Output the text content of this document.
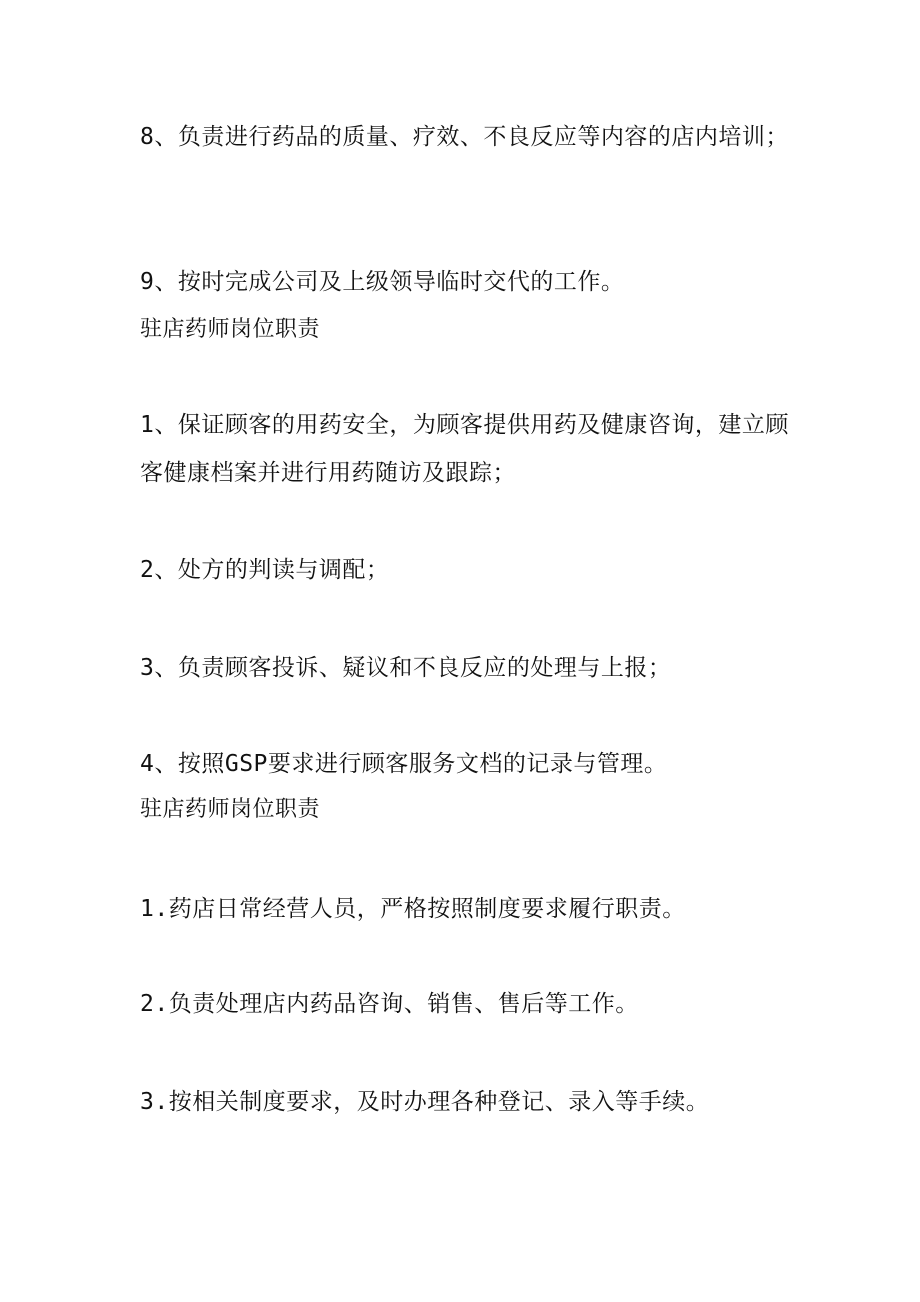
8、负责进行药品的质量、疗效、不良反应等内容的店内培训；
9、按时完成公司及上级领导临时交代的工作。
驻店药师岗位职责
1、保证顾客的用药安全，为顾客提供用药及健康咨询，建立顾客健康档案并进行用药随访及跟踪；
2、处方的判读与调配；
3、负责顾客投诉、疑议和不良反应的处理与上报；
4、按照GSP要求进行顾客服务文档的记录与管理。
驻店药师岗位职责
1.药店日常经营人员，严格按照制度要求履行职责。
2.负责处理店内药品咨询、销售、售后等工作。
3.按相关制度要求，及时办理各种登记、录入等手续。
